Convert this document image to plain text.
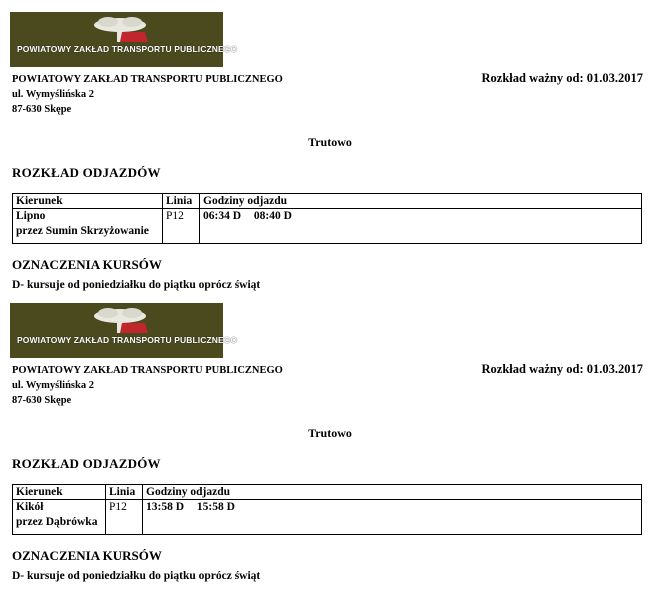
POWIATOWY ZAKŁAD TRANSPORTU PUBLICZNEGO
POWIATOWY ZAKŁAD TRANSPORTU PUBLICZNEGO
ul. Wymyślińska 2
87-630 Skępe
Rozkład ważny od: 01.03.2017
Trutowo
ROZKŁAD ODJAZDÓW
Kierunek	Linia	Godziny odjazdu

Lipno
przez Sumin Skrzyżowanie	P12	06:34 D 08:40 D
OZNACZENIA KURSÓW
D- kursuje od poniedziałku do piątku oprócz świąt
POWIATOWY ZAKŁAD TRANSPORTU PUBLICZNEGO
POWIATOWY ZAKŁAD TRANSPORTU PUBLICZNEGO
ul. Wymyślińska 2
87-630 Skępe
Rozkład ważny od: 01.03.2017
Trutowo
ROZKŁAD ODJAZDÓW
Kierunek	Linia	Godziny odjazdu

Kikół
przez Dąbrówka	P12	13:58 D 15:58 D
OZNACZENIA KURSÓW
D- kursuje od poniedziałku do piątku oprócz świąt
